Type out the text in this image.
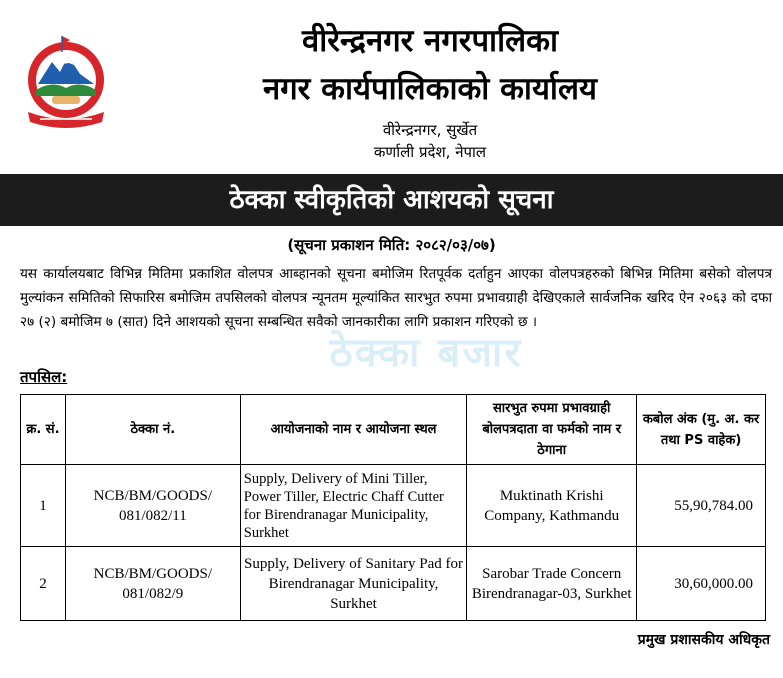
वीरेन्द्रनगर नगरपालिका
नगर कार्यपालिकाको कार्यालय
वीरेन्द्रनगर, सुर्खेत
कर्णाली प्रदेश, नेपाल
ठेक्का स्वीकृतिको आशयको सूचना
(सूचना प्रकाशन मिति: २०८२/०३/०७)
यस कार्यालयबाट विभिन्न मितिमा प्रकाशित वोलपत्र आब्हानको सूचना बमोजिम रितपूर्वक दर्ताहुन आएका वोलपत्रहरुको बिभिन्न मितिमा बसेको वोलपत्र मुल्यांकन समितिको सिफारिस बमोजिम तपसिलको वोलपत्र न्यूनतम मूल्यांकित सारभुत रुपमा प्रभावग्राही देखिएकाले सार्वजनिक खरिद ऐन २०६३ को दफा २७ (२) बमोजिम ७ (सात) दिने आशयको सूचना सम्बन्धित सवैको जानकारीका लागि प्रकाशन गरिएको छ ।
ठेक्का बजार
तपसिल:
क्र. सं.	ठेक्का नं.	आयोजनाको नाम र आयोजना स्थल	सारभुत रुपमा प्रभावग्राही बोलपत्रदाता वा फर्मको नाम र ठेगाना	कबोल अंक (मु. अ. कर तथा PS वाहेक)
1	NCB/BM/GOODS/ 081/082/11	Supply, Delivery of Mini Tiller, Power Tiller, Electric Chaff Cutter for Birendranagar Municipality, Surkhet	Muktinath Krishi Company, Kathmandu	55,90,784.00
2	NCB/BM/GOODS/ 081/082/9	Supply, Delivery of Sanitary Pad for Birendranagar Municipality, Surkhet	Sarobar Trade Concern Birendranagar-03, Surkhet	30,60,000.00
प्रमुख प्रशासकीय अधिकृत
